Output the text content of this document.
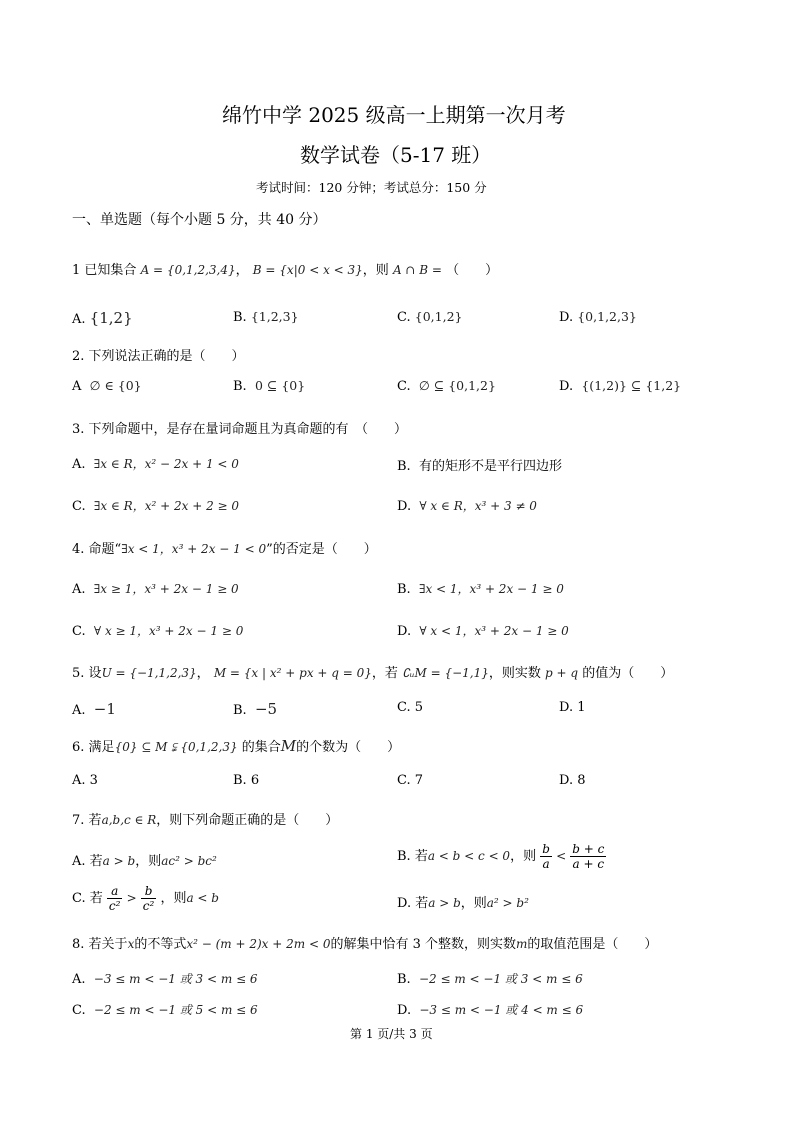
绵竹中学 2025 级高一上期第一次月考
数学试卷（5-17 班）
考试时间：120 分钟；考试总分：150 分
一、单选题（每个小题 5 分，共 40 分）
1 已知集合 A = {0,1,2,3,4}， B = {x|0 < x < 3}，则 A ∩ B = （　　）
A. {1,2}	B. {1,2,3}	C. {0,1,2}	D. {0,1,2,3}
2. 下列说法正确的是（　　）
A ∅ ∈ {0}	B. 0 ⊆ {0}	C. ∅ ⊆ {0,1,2}	D. {(1,2)} ⊆ {1,2}
3. 下列命题中，是存在量词命题且为真命题的有　（　　）
A. ∃x ∈ R，x² − 2x + 1 < 0	B. 有的矩形不是平行四边形
C. ∃x ∈ R，x² + 2x + 2 ≥ 0	D. ∀ x ∈ R，x³ + 3 ≠ 0
4. 命题“∃x < 1，x³ + 2x − 1 < 0”的否定是（　　）
A. ∃x ≥ 1，x³ + 2x − 1 ≥ 0	B. ∃x < 1，x³ + 2x − 1 ≥ 0
C. ∀ x ≥ 1，x³ + 2x − 1 ≥ 0	D. ∀ x < 1，x³ + 2x − 1 ≥ 0
5. 设U = {−1,1,2,3}， M = {x | x² + px + q = 0}，若 ∁ᵤM = {−1,1}，则实数 p + q 的值为（　　）
A. −1	B. −5	C. 5	D. 1
6. 满足{0} ⊆ M ⫋ {0,1,2,3} 的集合M的个数为（　　）
A. 3	B. 6	C. 7	D. 8
7. 若a,b,c ∈ R，则下列命题正确的是（　　）
A. 若a > b，则ac² > bc²	B. 若a < b < c < 0，则 $\frac{b}{a} < \frac{b + c}{a + c}$
C. 若 $\frac{a}{\text{c²}} > \frac{b}{\text{c²}}$ ，则a < b	D. 若a > b，则a² > b²
8. 若关于x的不等式x² − (m + 2)x + 2m < 0的解集中恰有 3 个整数，则实数m的取值范围是（　　）
A. −3 ≤ m < −1 或 3 < m ≤ 6	B. −2 ≤ m < −1 或 3 < m ≤ 6
C. −2 ≤ m < −1 或 5 < m ≤ 6	D. −3 ≤ m < −1 或 4 < m ≤ 6
第 1 页/共 3 页
